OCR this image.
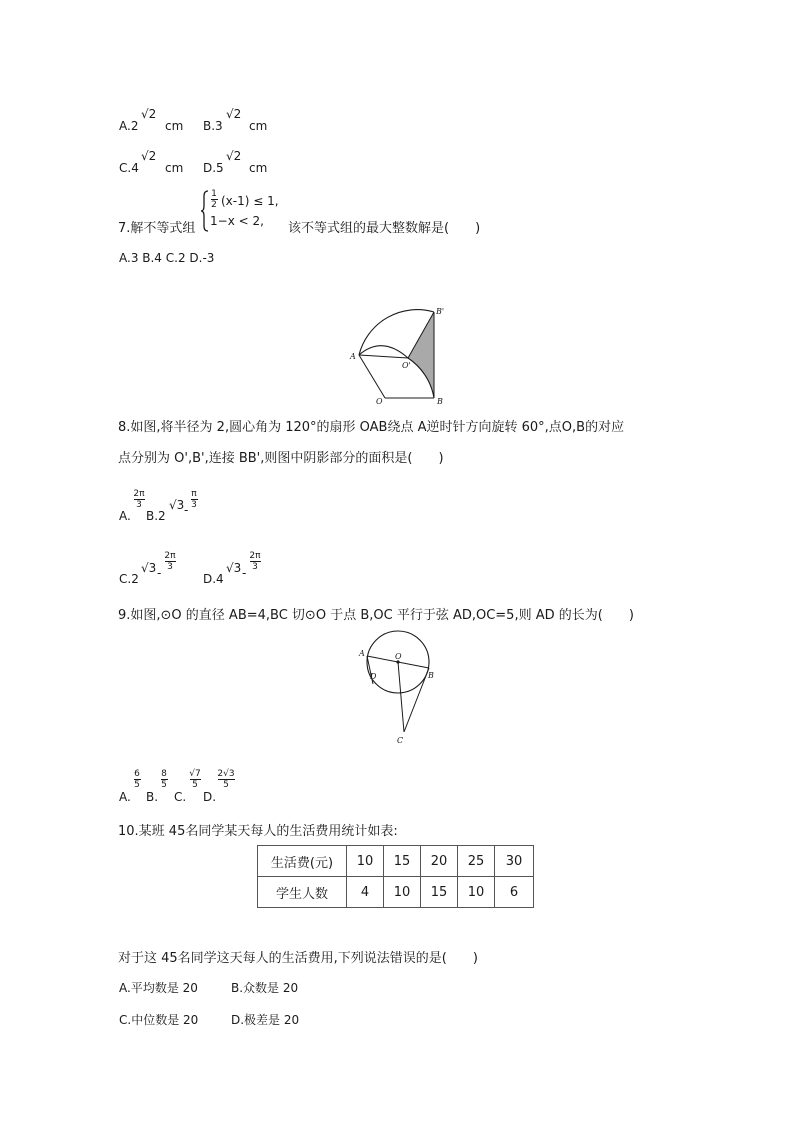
A.2
√2
cm B.3
√2
cm
C.4
√2
cm D.5
√2
cm
7.解不等式组
1
2 (x-1) ≤ 1,
1−x < 2, 该不等式组的最大整数解是(　　)
A.3 B.4 C.2 D.-3
A
O
O'
B
B'
8.如图,将半径为 2,圆心角为 120°的扇形 OAB绕点 A逆时针方向旋转 60°,点O,B的对应
点分别为 O',B',连接 BB',则图中阴影部分的面积是(　　)
A.
2π
3
B.2
√3 -
π
3
C.2
√3 -
2π
3
D.4
√3 -
2π
3
9.如图,⊙O 的直径 AB=4,BC 切⊙O 于点 B,OC 平行于弦 AD,OC=5,则 AD 的长为(　　)
A	O
D	B
C
A.
6
5
B.
8
5
C.
√7
5
D.
2√3
5
10.某班 45名同学某天每人的生活费用统计如表:
生活费(元)	10	15	20	25	30
学生人数	4	10	15	10	6
对于这 45名同学这天每人的生活费用,下列说法错误的是(　　)
A.平均数是 20	B.众数是 20
C.中位数是 20	D.极差是 20
